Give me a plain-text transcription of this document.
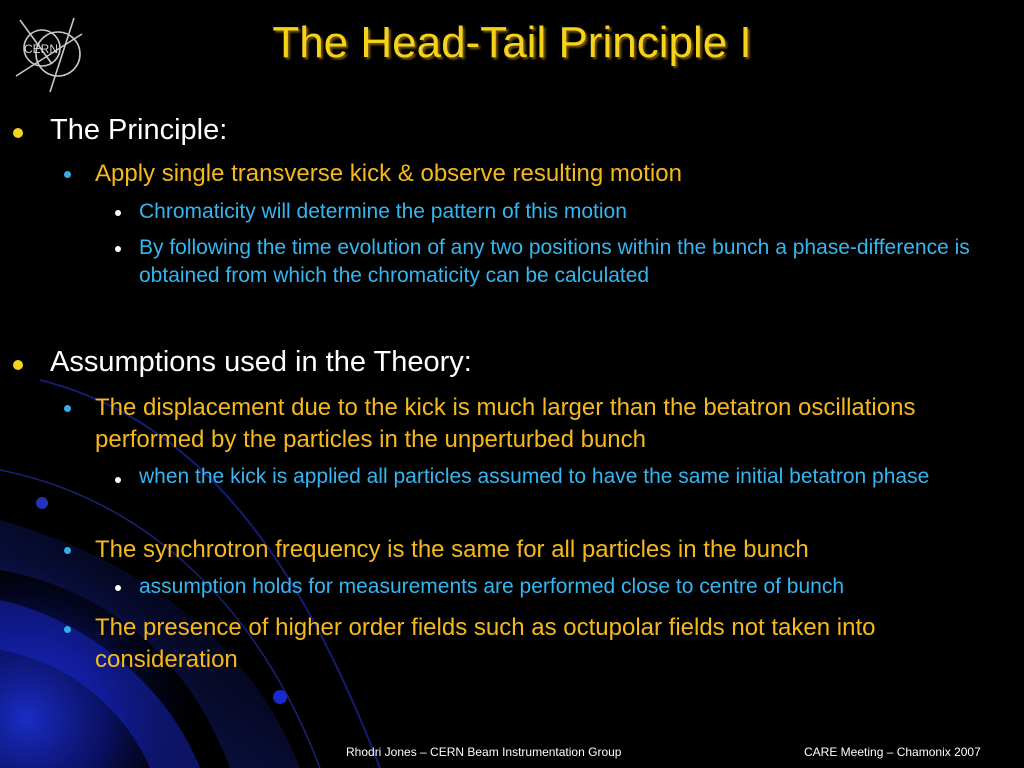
CERN	The Head-Tail Principle I
The Principle:
Apply single transverse kick & observe resulting motion
Chromaticity will determine the pattern of this motion
By following the time evolution of any two positions within the bunch a phase-difference is obtained from which the chromaticity can be calculated
Assumptions used in the Theory:
The displacement due to the kick is much larger than the betatron oscillations performed by the particles in the unperturbed bunch
when the kick is applied all particles assumed to have the same initial betatron phase
The synchrotron frequency is the same for all particles in the bunch
assumption holds for measurements are performed close to centre of bunch
The presence of higher order fields such as octupolar fields not taken into consideration
Rhodri Jones – CERN Beam Instrumentation Group	CARE Meeting – Chamonix 2007
